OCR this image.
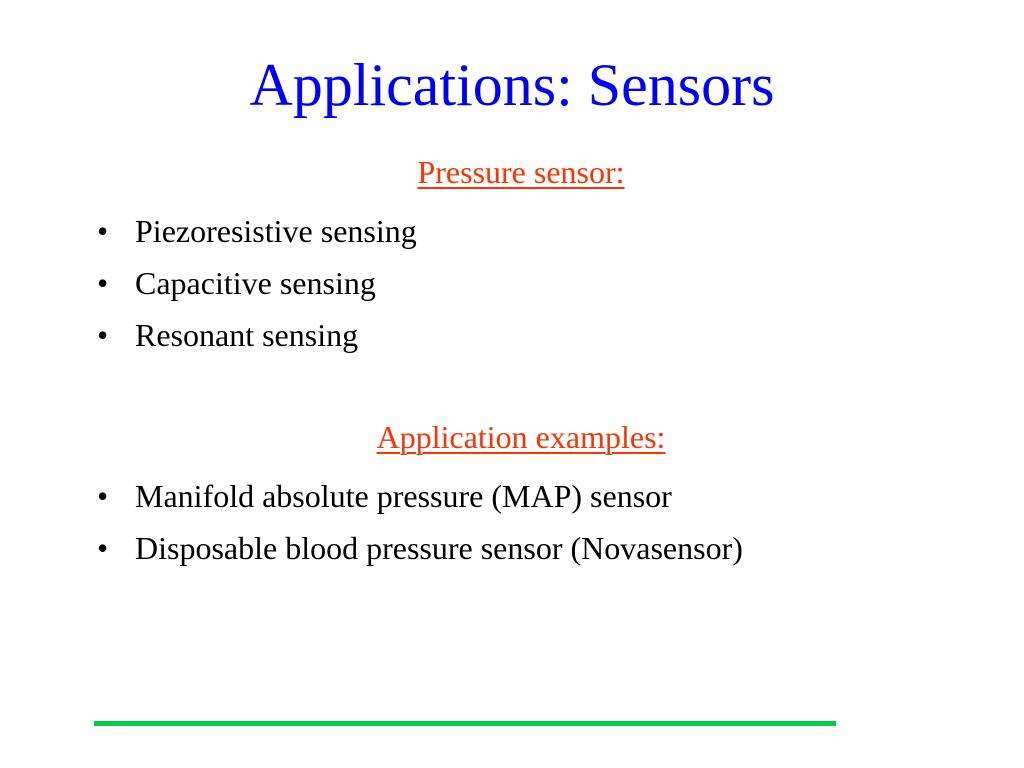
Applications: Sensors
Pressure sensor:
• Piezoresistive sensing
• Capacitive sensing
• Resonant sensing
Application examples:
• Manifold absolute pressure (MAP) sensor
• Disposable blood pressure sensor (Novasensor)
